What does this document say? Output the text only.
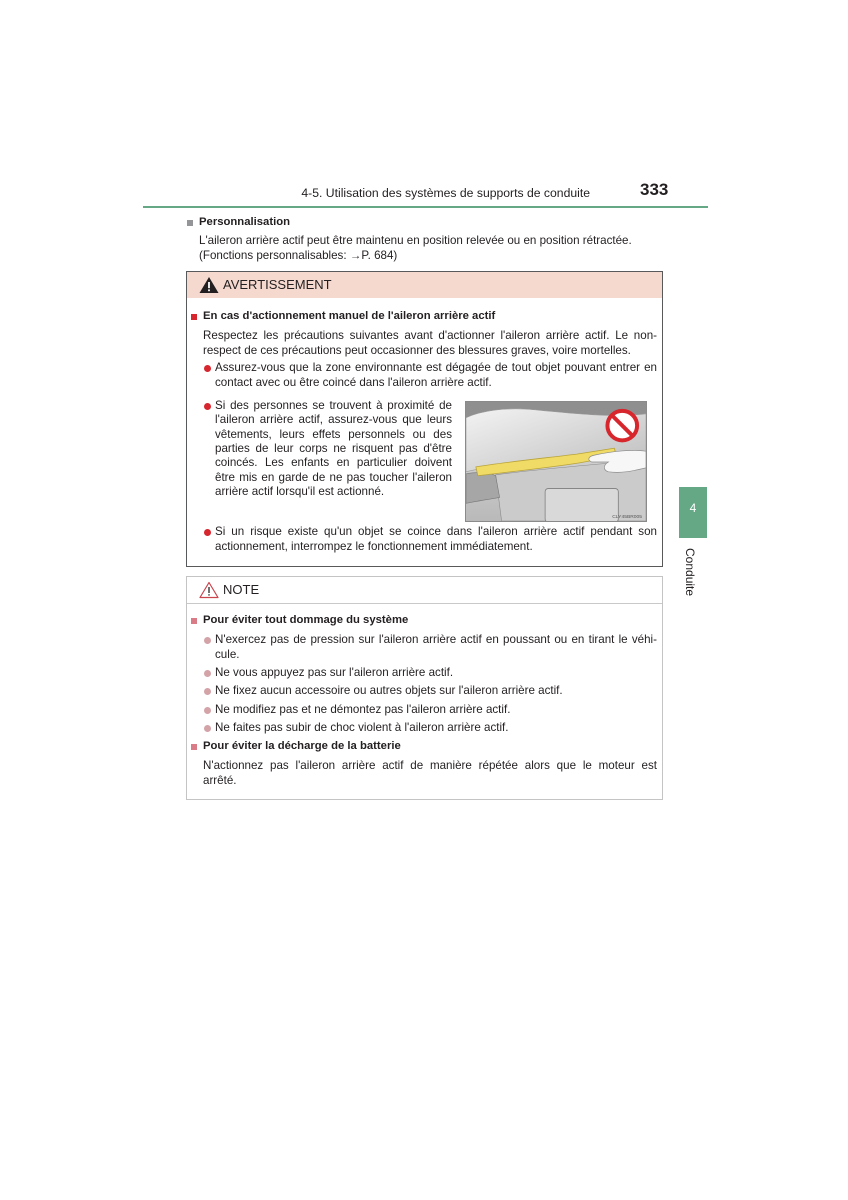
4-5. Utilisation des systèmes de supports de conduite	333
4
Conduite
Personnalisation
L'aileron arrière actif peut être maintenu en position relevée ou en position rétractée.
(Fonctions personnalisables: →P. 684)
AVERTISSEMENT
En cas d'actionnement manuel de l'aileron arrière actif
Respectez les précautions suivantes avant d'actionner l'aileron arrière actif. Le non-
respect de ces précautions peut occasionner des blessures graves, voire mortelles.
Assurez-vous que la zone environnante est dégagée de tout objet pouvant entrer en
contact avec ou être coincé dans l'aileron arrière actif.
Si des personnes se trouvent à proximité de
l'aileron arrière actif, assurez-vous que leurs
vêtements, leurs effets personnels ou des
parties de leur corps ne risquent pas d'être
coincés. Les enfants en particulier doivent
être mis en garde de ne pas toucher l'aileron
arrière actif lorsqu'il est actionné.
CLY45BR005
Si un risque existe qu'un objet se coince dans l'aileron arrière actif pendant son
actionnement, interrompez le fonctionnement immédiatement.
NOTE
Pour éviter tout dommage du système
N'exercez pas de pression sur l'aileron arrière actif en poussant ou en tirant le véhi-
cule.
Ne vous appuyez pas sur l'aileron arrière actif.
Ne fixez aucun accessoire ou autres objets sur l'aileron arrière actif.
Ne modifiez pas et ne démontez pas l'aileron arrière actif.
Ne faites pas subir de choc violent à l'aileron arrière actif.
Pour éviter la décharge de la batterie
N'actionnez pas l'aileron arrière actif de manière répétée alors que le moteur est
arrêté.
